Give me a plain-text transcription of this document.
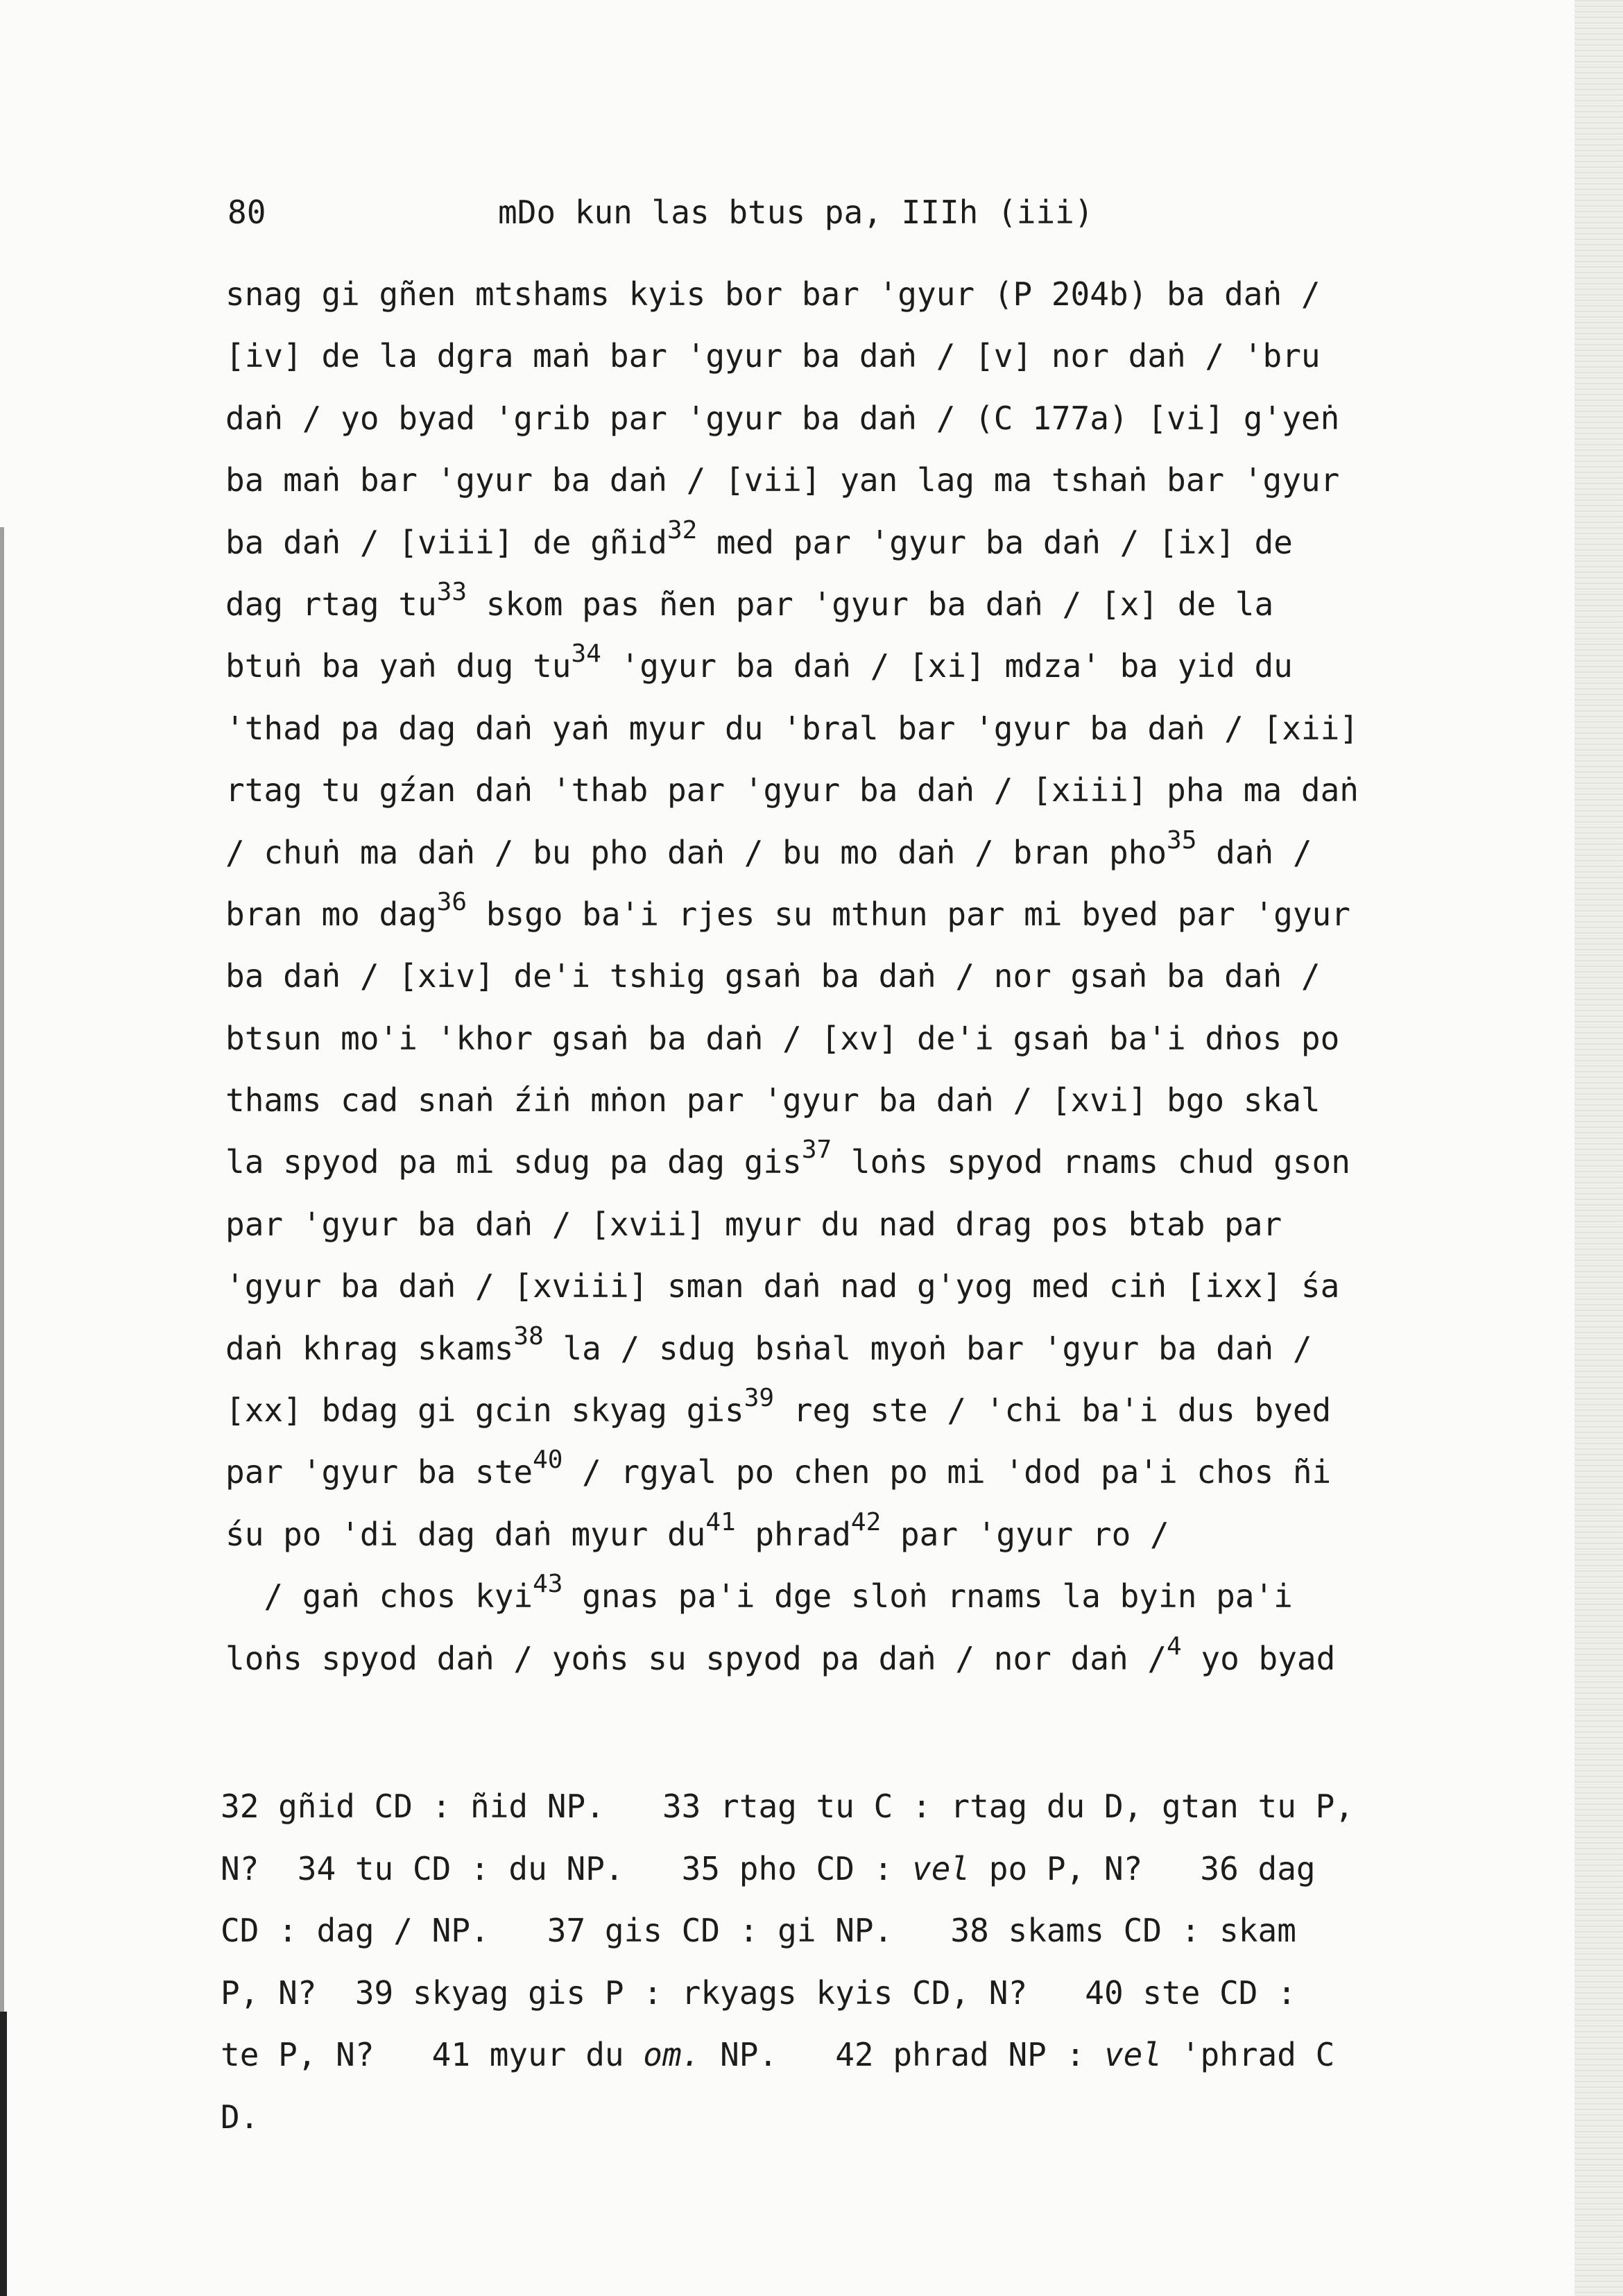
80

	mDo kun las btus pa, IIIh (iii)

snag gi gñen mtshams kyis bor bar 'gyur (P 204b) ba daṅ /
[iv] de la dgra maṅ bar 'gyur ba daṅ / [v] nor daṅ / 'bru
daṅ / yo byad 'grib par 'gyur ba daṅ / (C 177a) [vi] g'yeṅ
ba maṅ bar 'gyur ba daṅ / [vii] yan lag ma tshaṅ bar 'gyur
ba daṅ / [viii] de gñid$^{32}$ med par 'gyur ba daṅ / [ix] de
dag rtag tu$^{33}$ skom pas ñen par 'gyur ba daṅ / [x] de la
btuṅ ba yaṅ dug tu$^{34}$ 'gyur ba daṅ / [xi] mdza' ba yid du
'thad pa dag daṅ yaṅ myur du 'bral bar 'gyur ba daṅ / [xii]
rtag tu gźan daṅ 'thab par 'gyur ba daṅ / [xiii] pha ma daṅ
/ chuṅ ma daṅ / bu pho daṅ / bu mo daṅ / bran pho$^{35}$ daṅ /
bran mo dag$^{36}$ bsgo ba'i rjes su mthun par mi byed par 'gyur
ba daṅ / [xiv] de'i tshig gsaṅ ba daṅ / nor gsaṅ ba daṅ /
btsun mo'i 'khor gsaṅ ba daṅ / [xv] de'i gsaṅ ba'i dṅos po
thams cad snaṅ źiṅ mṅon par 'gyur ba daṅ / [xvi] bgo skal
la spyod pa mi sdug pa dag gis$^{37}$ loṅs spyod rnams chud gson
par 'gyur ba daṅ / [xvii] myur du nad drag pos btab par
'gyur ba daṅ / [xviii] sman daṅ nad g'yog med ciṅ [ixx] śa
daṅ khrag skams$^{38}$ la / sdug bsṅal myoṅ bar 'gyur ba daṅ /
[xx] bdag gi gcin skyag gis$^{39}$ reg ste / 'chi ba'i dus byed
par 'gyur ba ste$^{40}$ / rgyal po chen po mi 'dod pa'i chos ñi
śu po 'di dag daṅ myur du$^{41}$ phrad$^{42}$ par 'gyur ro /
/ gaṅ chos kyi$^{43}$ gnas pa'i dge sloṅ rnams la byin pa'i
loṅs spyod daṅ / yoṅs su spyod pa daṅ / nor daṅ /$^4$ yo byad
32 gñid CD : ñid NP.   33 rtag tu C : rtag du D, gtan tu P,
N?  34 tu CD : du NP.   35 pho CD : vel po P, N?   36 dag
CD : dag / NP.   37 gis CD : gi NP.   38 skams CD : skam
P, N?  39 skyag gis P : rkyags kyis CD, N?   40 ste CD :
te P, N?   41 myur du om. NP.   42 phrad NP : vel 'phrad C
D.
